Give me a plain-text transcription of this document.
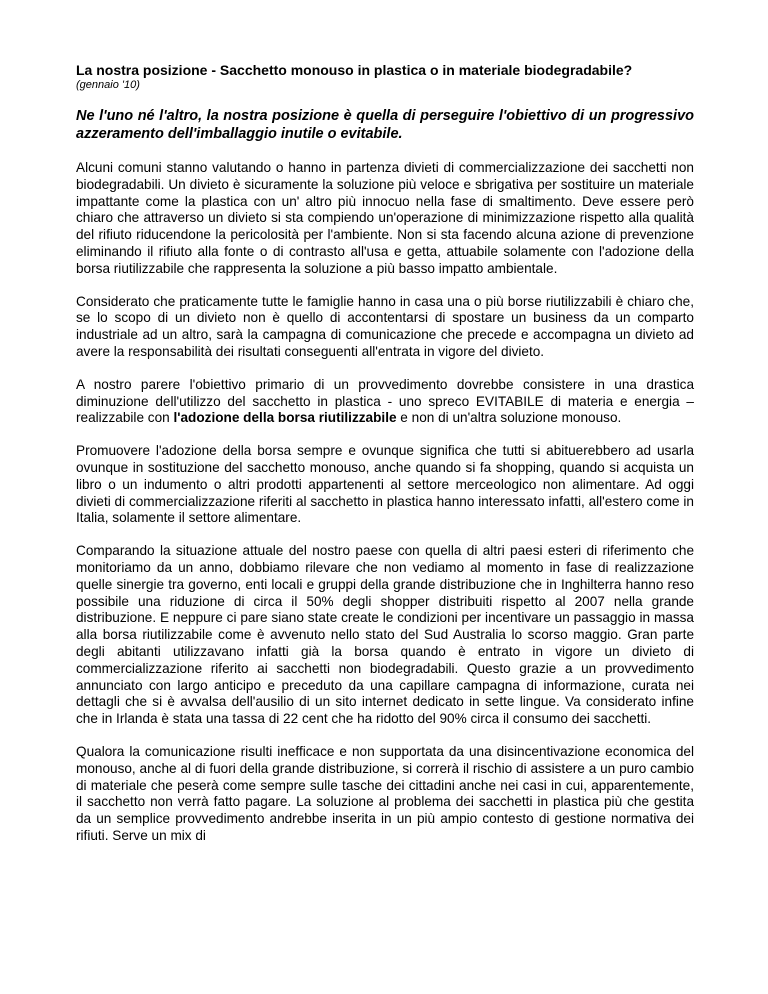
La nostra posizione - Sacchetto monouso in plastica o in materiale biodegradabile?

(gennaio '10)

Ne l'uno né l'altro, la nostra posizione è quella di perseguire l'obiettivo di un progressivo azzeramento dell'imballaggio inutile o evitabile.

Alcuni comuni stanno valutando o hanno in partenza divieti di commercializzazione dei sacchetti non biodegradabili. Un divieto è sicuramente la soluzione più veloce e sbrigativa per sostituire un materiale impattante come la plastica con un' altro più innocuo nella fase di smaltimento. Deve essere però chiaro che attraverso un divieto si sta compiendo un'operazione di minimizzazione rispetto alla qualità del rifiuto riducendone la pericolosità per l'ambiente. Non si sta facendo alcuna azione di prevenzione eliminando il rifiuto alla fonte o di contrasto all'usa e getta, attuabile solamente con l'adozione della borsa riutilizzabile che rappresenta la soluzione a più basso impatto ambientale.

Considerato che praticamente tutte le famiglie hanno in casa una o più borse riutilizzabili è chiaro che, se lo scopo di un divieto non è quello di accontentarsi di spostare un business da un comparto industriale ad un altro, sarà la campagna di comunicazione che precede e accompagna un divieto ad avere la responsabilità dei risultati conseguenti all'entrata in vigore del divieto.

A nostro parere l'obiettivo primario di un provvedimento dovrebbe consistere in una drastica diminuzione dell'utilizzo del sacchetto in plastica - uno spreco EVITABILE di materia e energia – realizzabile con l'adozione della borsa riutilizzabile e non di un'altra soluzione monouso.

Promuovere l'adozione della borsa sempre e ovunque significa che tutti si abituerebbero ad usarla ovunque in sostituzione del sacchetto monouso, anche quando si fa shopping, quando si acquista un libro o un indumento o altri prodotti appartenenti al settore merceologico non alimentare. Ad oggi divieti di commercializzazione riferiti al sacchetto in plastica hanno interessato infatti, all'estero come in Italia, solamente il settore alimentare.

Comparando la situazione attuale del nostro paese con quella di altri paesi esteri di riferimento che monitoriamo da un anno, dobbiamo rilevare che non vediamo al momento in fase di realizzazione quelle sinergie tra governo, enti locali e gruppi della grande distribuzione che in Inghilterra hanno reso possibile una riduzione di circa il 50% degli shopper distribuiti rispetto al 2007 nella grande distribuzione. E neppure ci pare siano state create le condizioni per incentivare un passaggio in massa alla borsa riutilizzabile come è avvenuto nello stato del Sud Australia lo scorso maggio. Gran parte degli abitanti utilizzavano infatti già la borsa quando è entrato in vigore un divieto di commercializzazione riferito ai sacchetti non biodegradabili. Questo grazie a un provvedimento annunciato con largo anticipo e preceduto da una capillare campagna di informazione, curata nei dettagli che si è avvalsa dell'ausilio di un sito internet dedicato in sette lingue. Va considerato infine che in Irlanda è stata una tassa di 22 cent che ha ridotto del 90% circa il consumo dei sacchetti.

Qualora la comunicazione risulti inefficace e non supportata da una disincentivazione economica del monouso, anche al di fuori della grande distribuzione, si correrà il rischio di assistere a un puro cambio di materiale che peserà come sempre sulle tasche dei cittadini anche nei casi in cui, apparentemente, il sacchetto non verrà fatto pagare. La soluzione al problema dei sacchetti in plastica più che gestita da un semplice provvedimento andrebbe inserita in un più ampio contesto di gestione normativa dei rifiuti. Serve un mix di
